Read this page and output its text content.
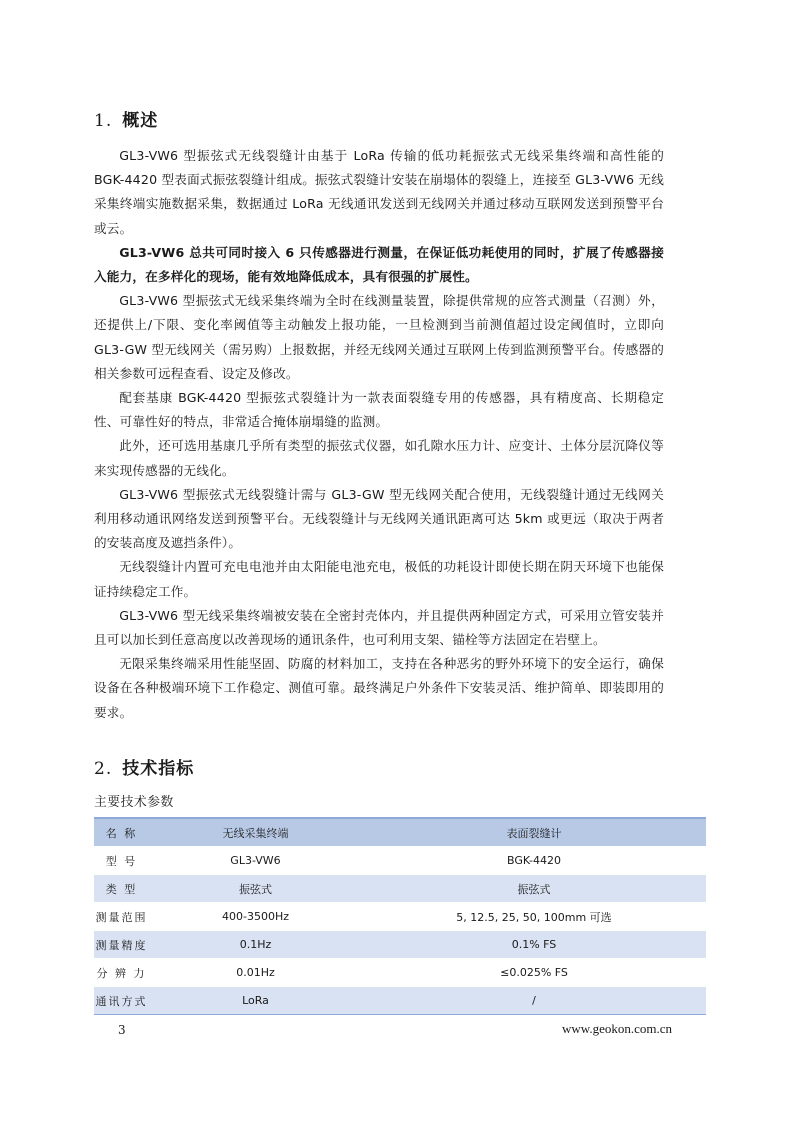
1. 概述

GL3-VW6 型振弦式无线裂缝计由基于 LoRa 传输的低功耗振弦式无线采集终端和高性能的 BGK-4420 型表面式振弦裂缝计组成。振弦式裂缝计安装在崩塌体的裂缝上，连接至 GL3-VW6 无线采集终端实施数据采集，数据通过 LoRa 无线通讯发送到无线网关并通过移动互联网发送到预警平台或云。

GL3-VW6 总共可同时接入 6 只传感器进行测量，在保证低功耗使用的同时，扩展了传感器接入能力，在多样化的现场，能有效地降低成本，具有很强的扩展性。

GL3-VW6 型振弦式无线采集终端为全时在线测量装置，除提供常规的应答式测量（召测）外，还提供上/下限、变化率阈值等主动触发上报功能，一旦检测到当前测值超过设定阈值时，立即向GL3-GW 型无线网关（需另购）上报数据，并经无线网关通过互联网上传到监测预警平台。传感器的相关参数可远程查看、设定及修改。

配套基康 BGK-4420 型振弦式裂缝计为一款表面裂缝专用的传感器，具有精度高、长期稳定性、可靠性好的特点，非常适合掩体崩塌缝的监测。

此外，还可选用基康几乎所有类型的振弦式仪器，如孔隙水压力计、应变计、土体分层沉降仪等来实现传感器的无线化。

GL3-VW6 型振弦式无线裂缝计需与 GL3-GW 型无线网关配合使用，无线裂缝计通过无线网关利用移动通讯网络发送到预警平台。无线裂缝计与无线网关通讯距离可达 5km 或更远（取决于两者的安装高度及遮挡条件）。

无线裂缝计内置可充电电池并由太阳能电池充电，极低的功耗设计即使长期在阴天环境下也能保证持续稳定工作。

GL3-VW6 型无线采集终端被安装在全密封壳体内，并且提供两种固定方式，可采用立管安装并且可以加长到任意高度以改善现场的通讯条件，也可利用支架、锚栓等方法固定在岩壁上。

无限采集终端采用性能坚固、防腐的材料加工，支持在各种恶劣的野外环境下的安全运行，确保设备在各种极端环境下工作稳定、测值可靠。最终满足户外条件下安装灵活、维护简单、即装即用的要求。

2. 技术指标

主要技术参数

名 称	无线采集终端	表面裂缝计
型 号	GL3-VW6	BGK-4420
类 型	振弦式	振弦式
测量范围	400-3500Hz	5, 12.5, 25, 50, 100mm 可选
测量精度	0.1Hz	0.1% FS
分 辨 力	0.01Hz	≤0.025% FS
通讯方式	LoRa	/
3	www.geokon.com.cn
